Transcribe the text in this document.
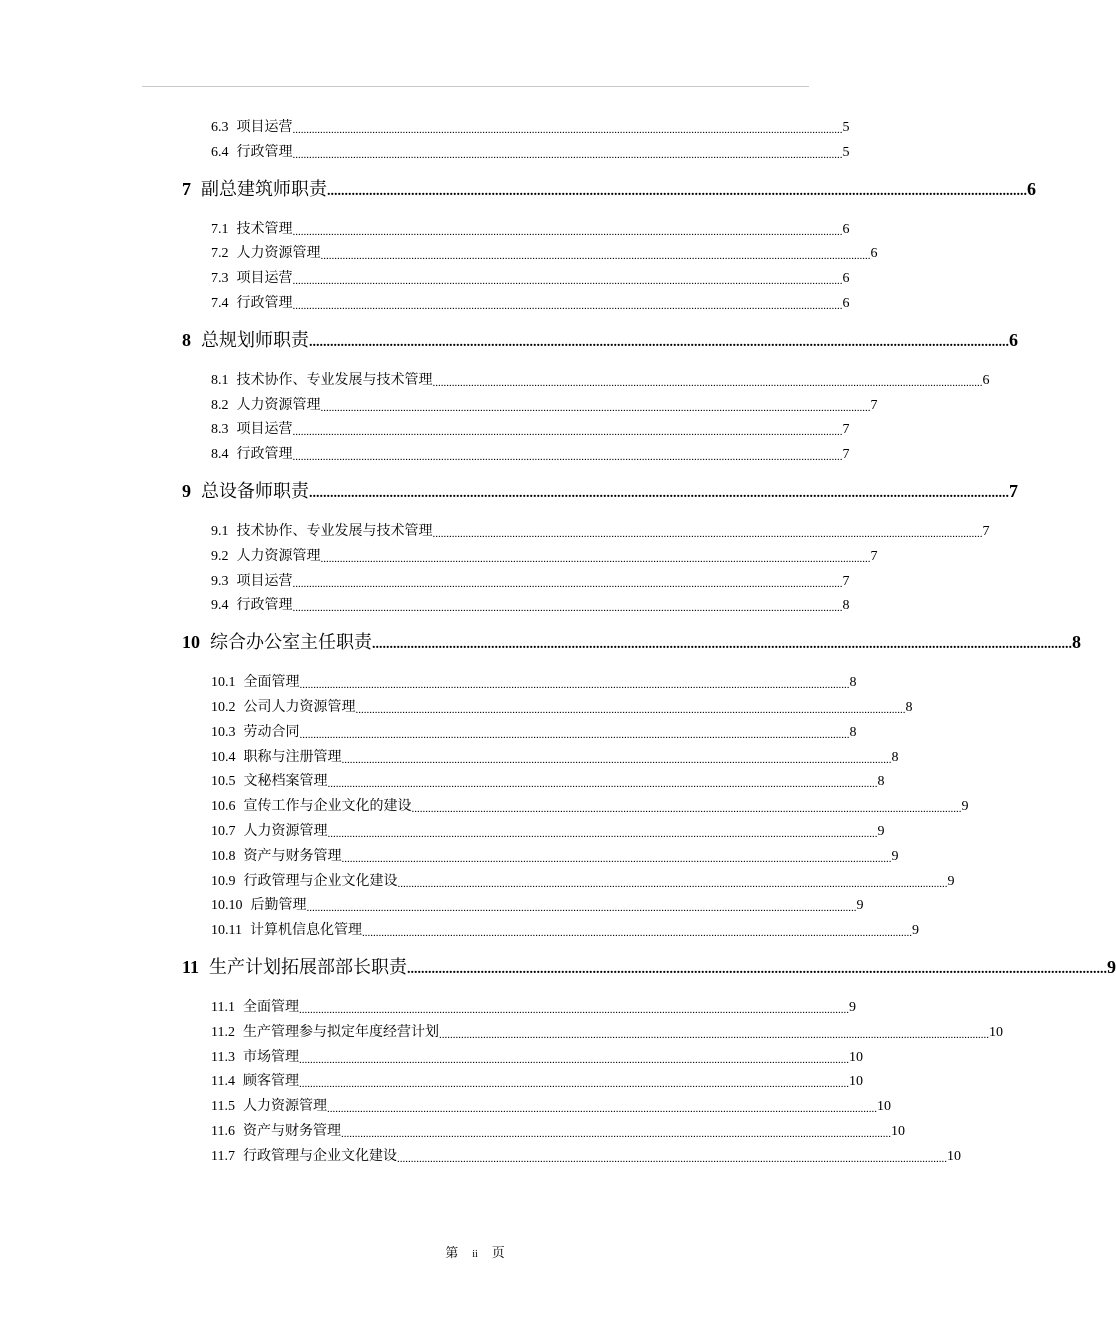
6.3 项目运营 ........................................................................................................................................................................................................ 5
6.4 行政管理 ........................................................................................................................................................................................................ 5
7 副总建筑师职责 ........................................................................................................................................................................................................ 6
7.1 技术管理 ........................................................................................................................................................................................................ 6
7.2 人力资源管理 ........................................................................................................................................................................................................ 6
7.3 项目运营 ........................................................................................................................................................................................................ 6
7.4 行政管理 ........................................................................................................................................................................................................ 6
8 总规划师职责 ........................................................................................................................................................................................................ 6
8.1 技术协作、专业发展与技术管理 ........................................................................................................................................................................................................ 6
8.2 人力资源管理 ........................................................................................................................................................................................................ 7
8.3 项目运营 ........................................................................................................................................................................................................ 7
8.4 行政管理 ........................................................................................................................................................................................................ 7
9 总设备师职责 ........................................................................................................................................................................................................ 7
9.1 技术协作、专业发展与技术管理 ........................................................................................................................................................................................................ 7
9.2 人力资源管理 ........................................................................................................................................................................................................ 7
9.3 项目运营 ........................................................................................................................................................................................................ 7
9.4 行政管理 ........................................................................................................................................................................................................ 8
10 综合办公室主任职责 ........................................................................................................................................................................................................ 8
10.1 全面管理 ........................................................................................................................................................................................................ 8
10.2 公司人力资源管理 ........................................................................................................................................................................................................ 8
10.3 劳动合同 ........................................................................................................................................................................................................ 8
10.4 职称与注册管理 ........................................................................................................................................................................................................ 8
10.5 文秘档案管理 ........................................................................................................................................................................................................ 8
10.6 宣传工作与企业文化的建设 ........................................................................................................................................................................................................ 9
10.7 人力资源管理 ........................................................................................................................................................................................................ 9
10.8 资产与财务管理 ........................................................................................................................................................................................................ 9
10.9 行政管理与企业文化建设 ........................................................................................................................................................................................................ 9
10.10 后勤管理 ........................................................................................................................................................................................................ 9
10.11 计算机信息化管理 ........................................................................................................................................................................................................ 9
11 生产计划拓展部部长职责 ........................................................................................................................................................................................................ 9
11.1 全面管理 ........................................................................................................................................................................................................ 9
11.2 生产管理参与拟定年度经营计划 ........................................................................................................................................................................................................ 10
11.3 市场管理 ........................................................................................................................................................................................................ 10
11.4 顾客管理 ........................................................................................................................................................................................................ 10
11.5 人力资源管理 ........................................................................................................................................................................................................ 10
11.6 资产与财务管理 ........................................................................................................................................................................................................ 10
11.7 行政管理与企业文化建设 ........................................................................................................................................................................................................ 10
第 ii 页
